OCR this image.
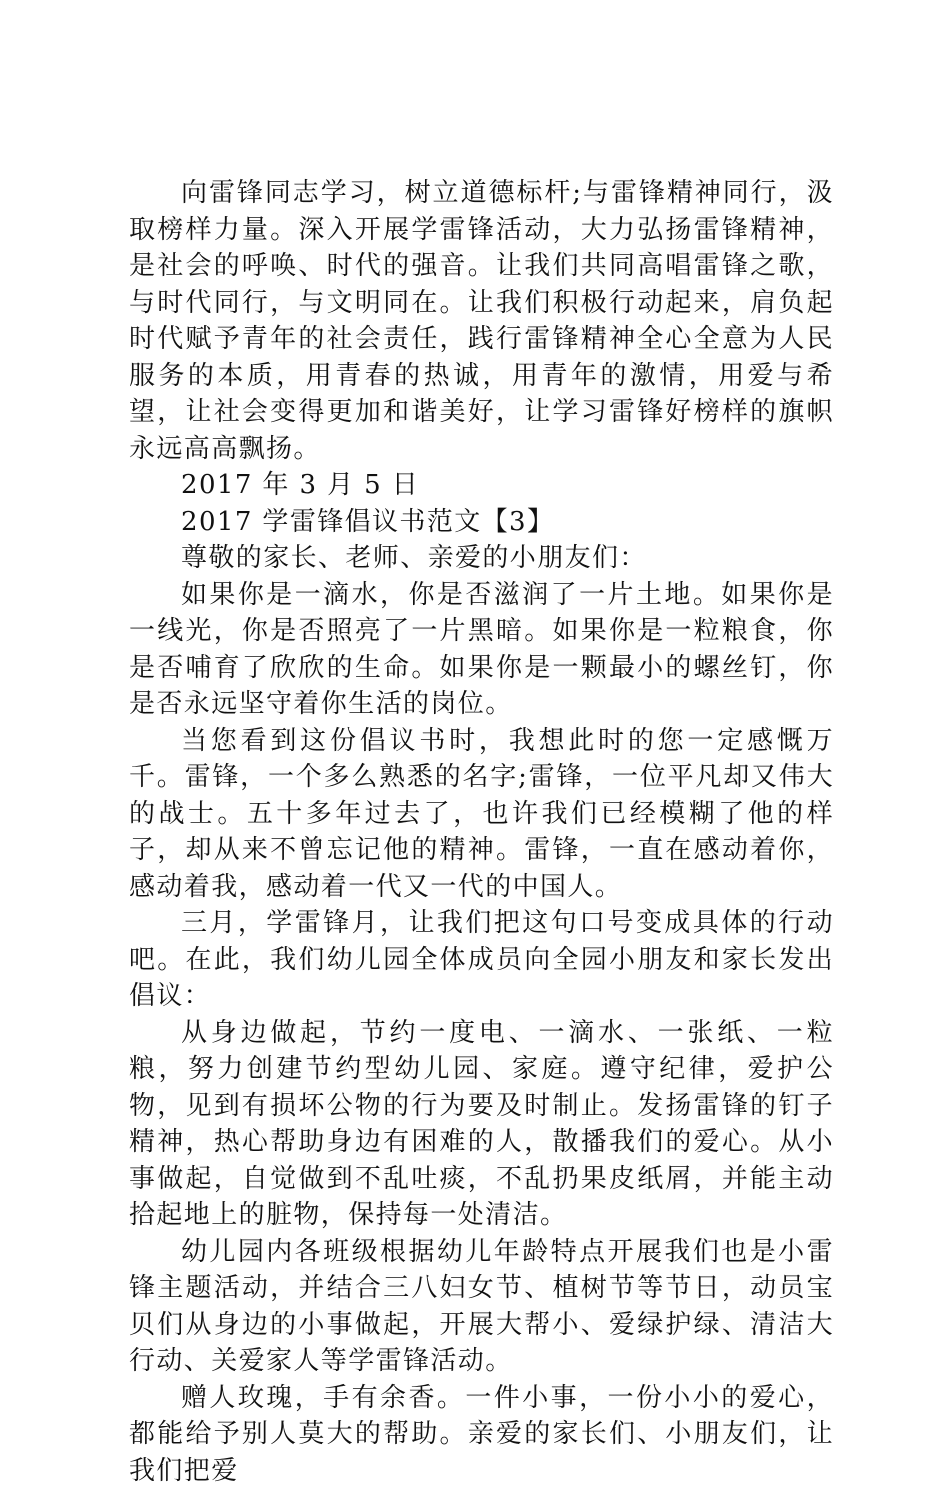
向雷锋同志学习，树立道德标杆;与雷锋精神同行，汲取榜样力量。深入开展学雷锋活动，大力弘扬雷锋精神，是社会的呼唤、时代的强音。让我们共同高唱雷锋之歌，与时代同行，与文明同在。让我们积极行动起来，肩负起时代赋予青年的社会责任，践行雷锋精神全心全意为人民服务的本质，用青春的热诚，用青年的激情，用爱与希望，让社会变得更加和谐美好，让学习雷锋好榜样的旗帜永远高高飘扬。

2017 年 3 月 5 日

2017 学雷锋倡议书范文【3】

尊敬的家长、老师、亲爱的小朋友们：

如果你是一滴水，你是否滋润了一片土地。如果你是一线光，你是否照亮了一片黑暗。如果你是一粒粮食，你是否哺育了欣欣的生命。如果你是一颗最小的螺丝钉，你是否永远坚守着你生活的岗位。

当您看到这份倡议书时，我想此时的您一定感慨万千。雷锋，一个多么熟悉的名字;雷锋，一位平凡却又伟大的战士。五十多年过去了，也许我们已经模糊了他的样子，却从来不曾忘记他的精神。雷锋，一直在感动着你，感动着我，感动着一代又一代的中国人。

三月，学雷锋月，让我们把这句口号变成具体的行动吧。在此，我们幼儿园全体成员向全园小朋友和家长发出倡议：

从身边做起，节约一度电、一滴水、一张纸、一粒粮，努力创建节约型幼儿园、家庭。遵守纪律，爱护公物，见到有损坏公物的行为要及时制止。发扬雷锋的钉子精神，热心帮助身边有困难的人，散播我们的爱心。从小事做起，自觉做到不乱吐痰，不乱扔果皮纸屑，并能主动拾起地上的脏物，保持每一处清洁。

幼儿园内各班级根据幼儿年龄特点开展我们也是小雷锋主题活动，并结合三八妇女节、植树节等节日，动员宝贝们从身边的小事做起，开展大帮小、爱绿护绿、清洁大行动、关爱家人等学雷锋活动。

赠人玫瑰，手有余香。一件小事，一份小小的爱心，都能给予别人莫大的帮助。亲爱的家长们、小朋友们，让我们把爱
